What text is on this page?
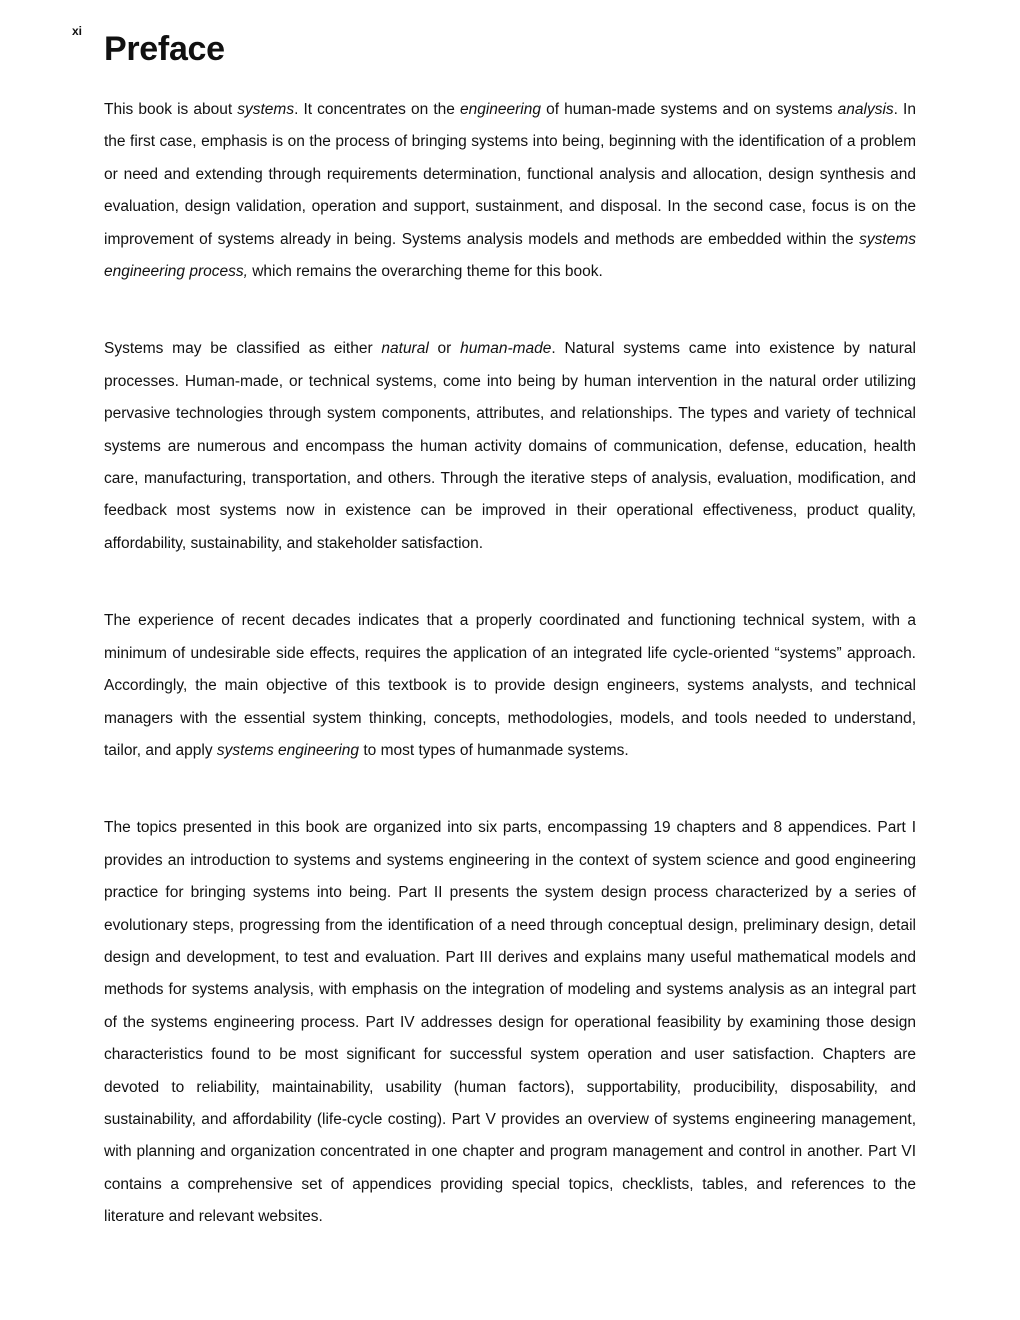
xi Preface

This book is about systems. It concentrates on the engineering of human-made systems and on systems analysis. In the first case, emphasis is on the process of bringing systems into being, beginning with the identification of a problem or need and extending through requirements determination, functional analysis and allocation, design synthesis and evaluation, design validation, operation and support, sustainment, and disposal. In the second case, focus is on the improvement of systems already in being. Systems analysis models and methods are embedded within the systems engineering process, which remains the overarching theme for this book.

Systems may be classified as either natural or human-made. Natural systems came into existence by natural processes. Human-made, or technical systems, come into being by human intervention in the natural order utilizing pervasive technologies through system components, attributes, and relationships. The types and variety of technical systems are numerous and encompass the human activity domains of communication, defense, education, health care, manufacturing, transportation, and others. Through the iterative steps of analysis, evaluation, modification, and feedback most systems now in existence can be improved in their operational effectiveness, product quality, affordability, sustainability, and stakeholder satisfaction.

The experience of recent decades indicates that a properly coordinated and functioning technical system, with a minimum of undesirable side effects, requires the application of an integrated life cycle-oriented “systems” approach. Accordingly, the main objective of this textbook is to provide design engineers, systems analysts, and technical managers with the essential system thinking, concepts, methodologies, models, and tools needed to understand, tailor, and apply systems engineering to most types of humanmade systems.

The topics presented in this book are organized into six parts, encompassing 19 chapters and 8 appendices. Part I provides an introduction to systems and systems engineering in the context of system science and good engineering practice for bringing systems into being. Part II presents the system design process characterized by a series of evolutionary steps, progressing from the identification of a need through conceptual design, preliminary design, detail design and development, to test and evaluation. Part III derives and explains many useful mathematical models and methods for systems analysis, with emphasis on the integration of modeling and systems analysis as an integral part of the systems engineering process. Part IV addresses design for operational feasibility by examining those design characteristics found to be most significant for successful system operation and user satisfaction. Chapters are devoted to reliability, maintainability, usability (human factors), supportability, producibility, disposability, and sustainability, and affordability (life-cycle costing). Part V provides an overview of systems engineering management, with planning and organization concentrated in one chapter and program management and control in another. Part VI contains a comprehensive set of appendices providing special topics, checklists, tables, and references to the literature and relevant websites.
